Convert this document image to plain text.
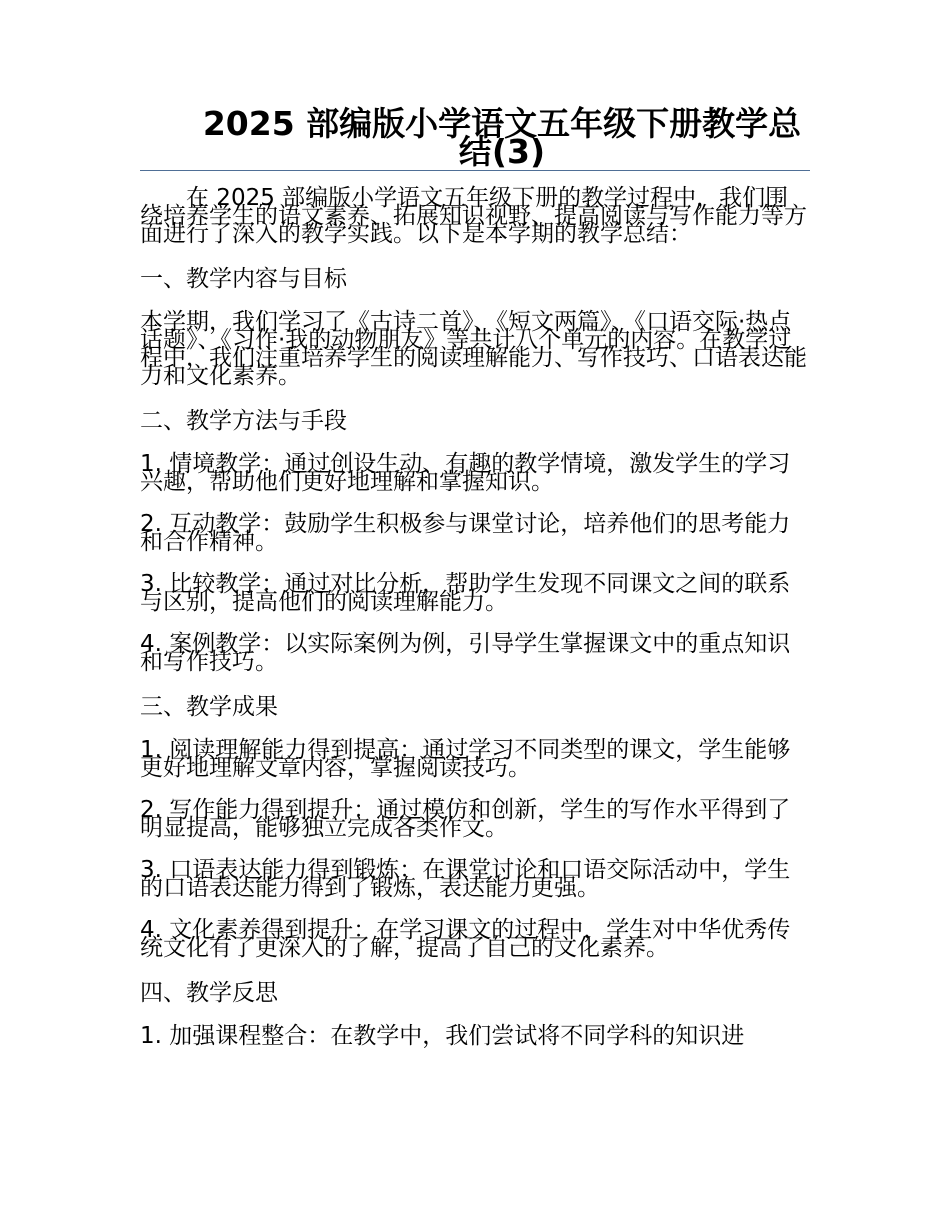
2025 部编版小学语文五年级下册教学总结(3)

在 2025 部编版小学语文五年级下册的教学过程中，我们围绕培养学生的语文素养、拓展知识视野、提高阅读与写作能力等方面进行了深入的教学实践。以下是本学期的教学总结：

一、教学内容与目标

本学期，我们学习了《古诗二首》、《短文两篇》、《口语交际·热点话题》、《习作·我的动物朋友》等共计八个单元的内容。在教学过程中，我们注重培养学生的阅读理解能力、写作技巧、口语表达能力和文化素养。

二、教学方法与手段

1. 情境教学：通过创设生动、有趣的教学情境，激发学生的学习兴趣，帮助他们更好地理解和掌握知识。

2. 互动教学：鼓励学生积极参与课堂讨论，培养他们的思考能力和合作精神。

3. 比较教学：通过对比分析，帮助学生发现不同课文之间的联系与区别，提高他们的阅读理解能力。

4. 案例教学：以实际案例为例，引导学生掌握课文中的重点知识和写作技巧。

三、教学成果

1. 阅读理解能力得到提高：通过学习不同类型的课文，学生能够更好地理解文章内容，掌握阅读技巧。

2. 写作能力得到提升：通过模仿和创新，学生的写作水平得到了明显提高，能够独立完成各类作文。

3. 口语表达能力得到锻炼：在课堂讨论和口语交际活动中，学生的口语表达能力得到了锻炼，表达能力更强。

4. 文化素养得到提升：在学习课文的过程中，学生对中华优秀传统文化有了更深入的了解，提高了自己的文化素养。

四、教学反思

1. 加强课程整合：在教学中，我们尝试将不同学科的知识进
